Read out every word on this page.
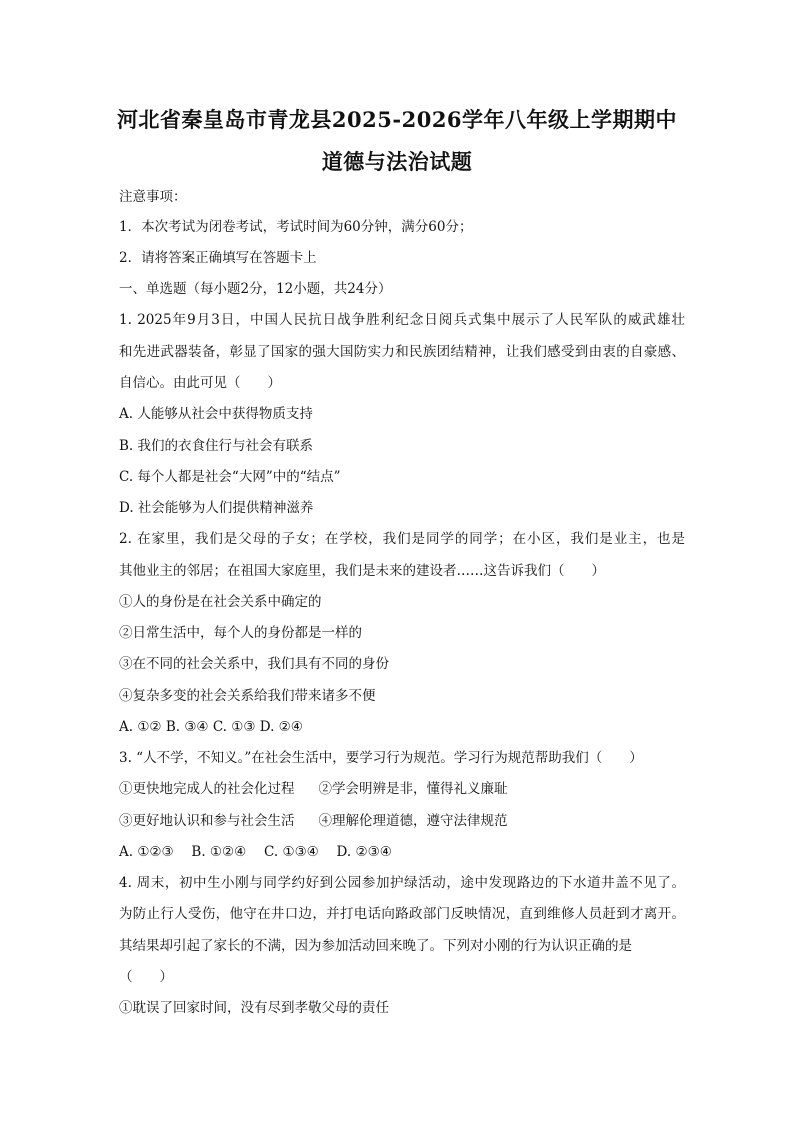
河北省秦皇岛市青龙县2025-2026学年八年级上学期期中
道德与法治试题
注意事项：
1．本次考试为闭卷考试，考试时间为60分钟，满分60分；
2．请将答案正确填写在答题卡上
一、单选题（每小题2分，12小题，共24分）
1. 2025年9月3日，中国人民抗日战争胜利纪念日阅兵式集中展示了人民军队的威武雄壮
和先进武器装备，彰显了国家的强大国防实力和民族团结精神，让我们感受到由衷的自豪感、
自信心。由此可见（　　）
A. 人能够从社会中获得物质支持
B. 我们的衣食住行与社会有联系
C. 每个人都是社会“大网”中的“结点”
D. 社会能够为人们提供精神滋养
2. 在家里，我们是父母的子女；在学校，我们是同学的同学；在小区，我们是业主，也是
其他业主的邻居；在祖国大家庭里，我们是未来的建设者……这告诉我们（　　）
①人的身份是在社会关系中确定的
②日常生活中，每个人的身份都是一样的
③在不同的社会关系中，我们具有不同的身份
④复杂多变的社会关系给我们带来诸多不便
A. ①② B. ③④ C. ①③ D. ②④
3. “人不学，不知义。”在社会生活中，要学习行为规范。学习行为规范帮助我们（　　）
①更快地完成人的社会化过程 ②学会明辨是非，懂得礼义廉耻
③更好地认识和参与社会生活 ④理解伦理道德，遵守法律规范
A. ①②③　 B. ①②④　 C. ①③④　 D. ②③④
4. 周末，初中生小刚与同学约好到公园参加护绿活动，途中发现路边的下水道井盖不见了。
为防止行人受伤，他守在井口边，并打电话向路政部门反映情况，直到维修人员赶到才离开。
其结果却引起了家长的不满，因为参加活动回来晚了。下列对小刚的行为认识正确的是
（　　）
①耽误了回家时间，没有尽到孝敬父母的责任
